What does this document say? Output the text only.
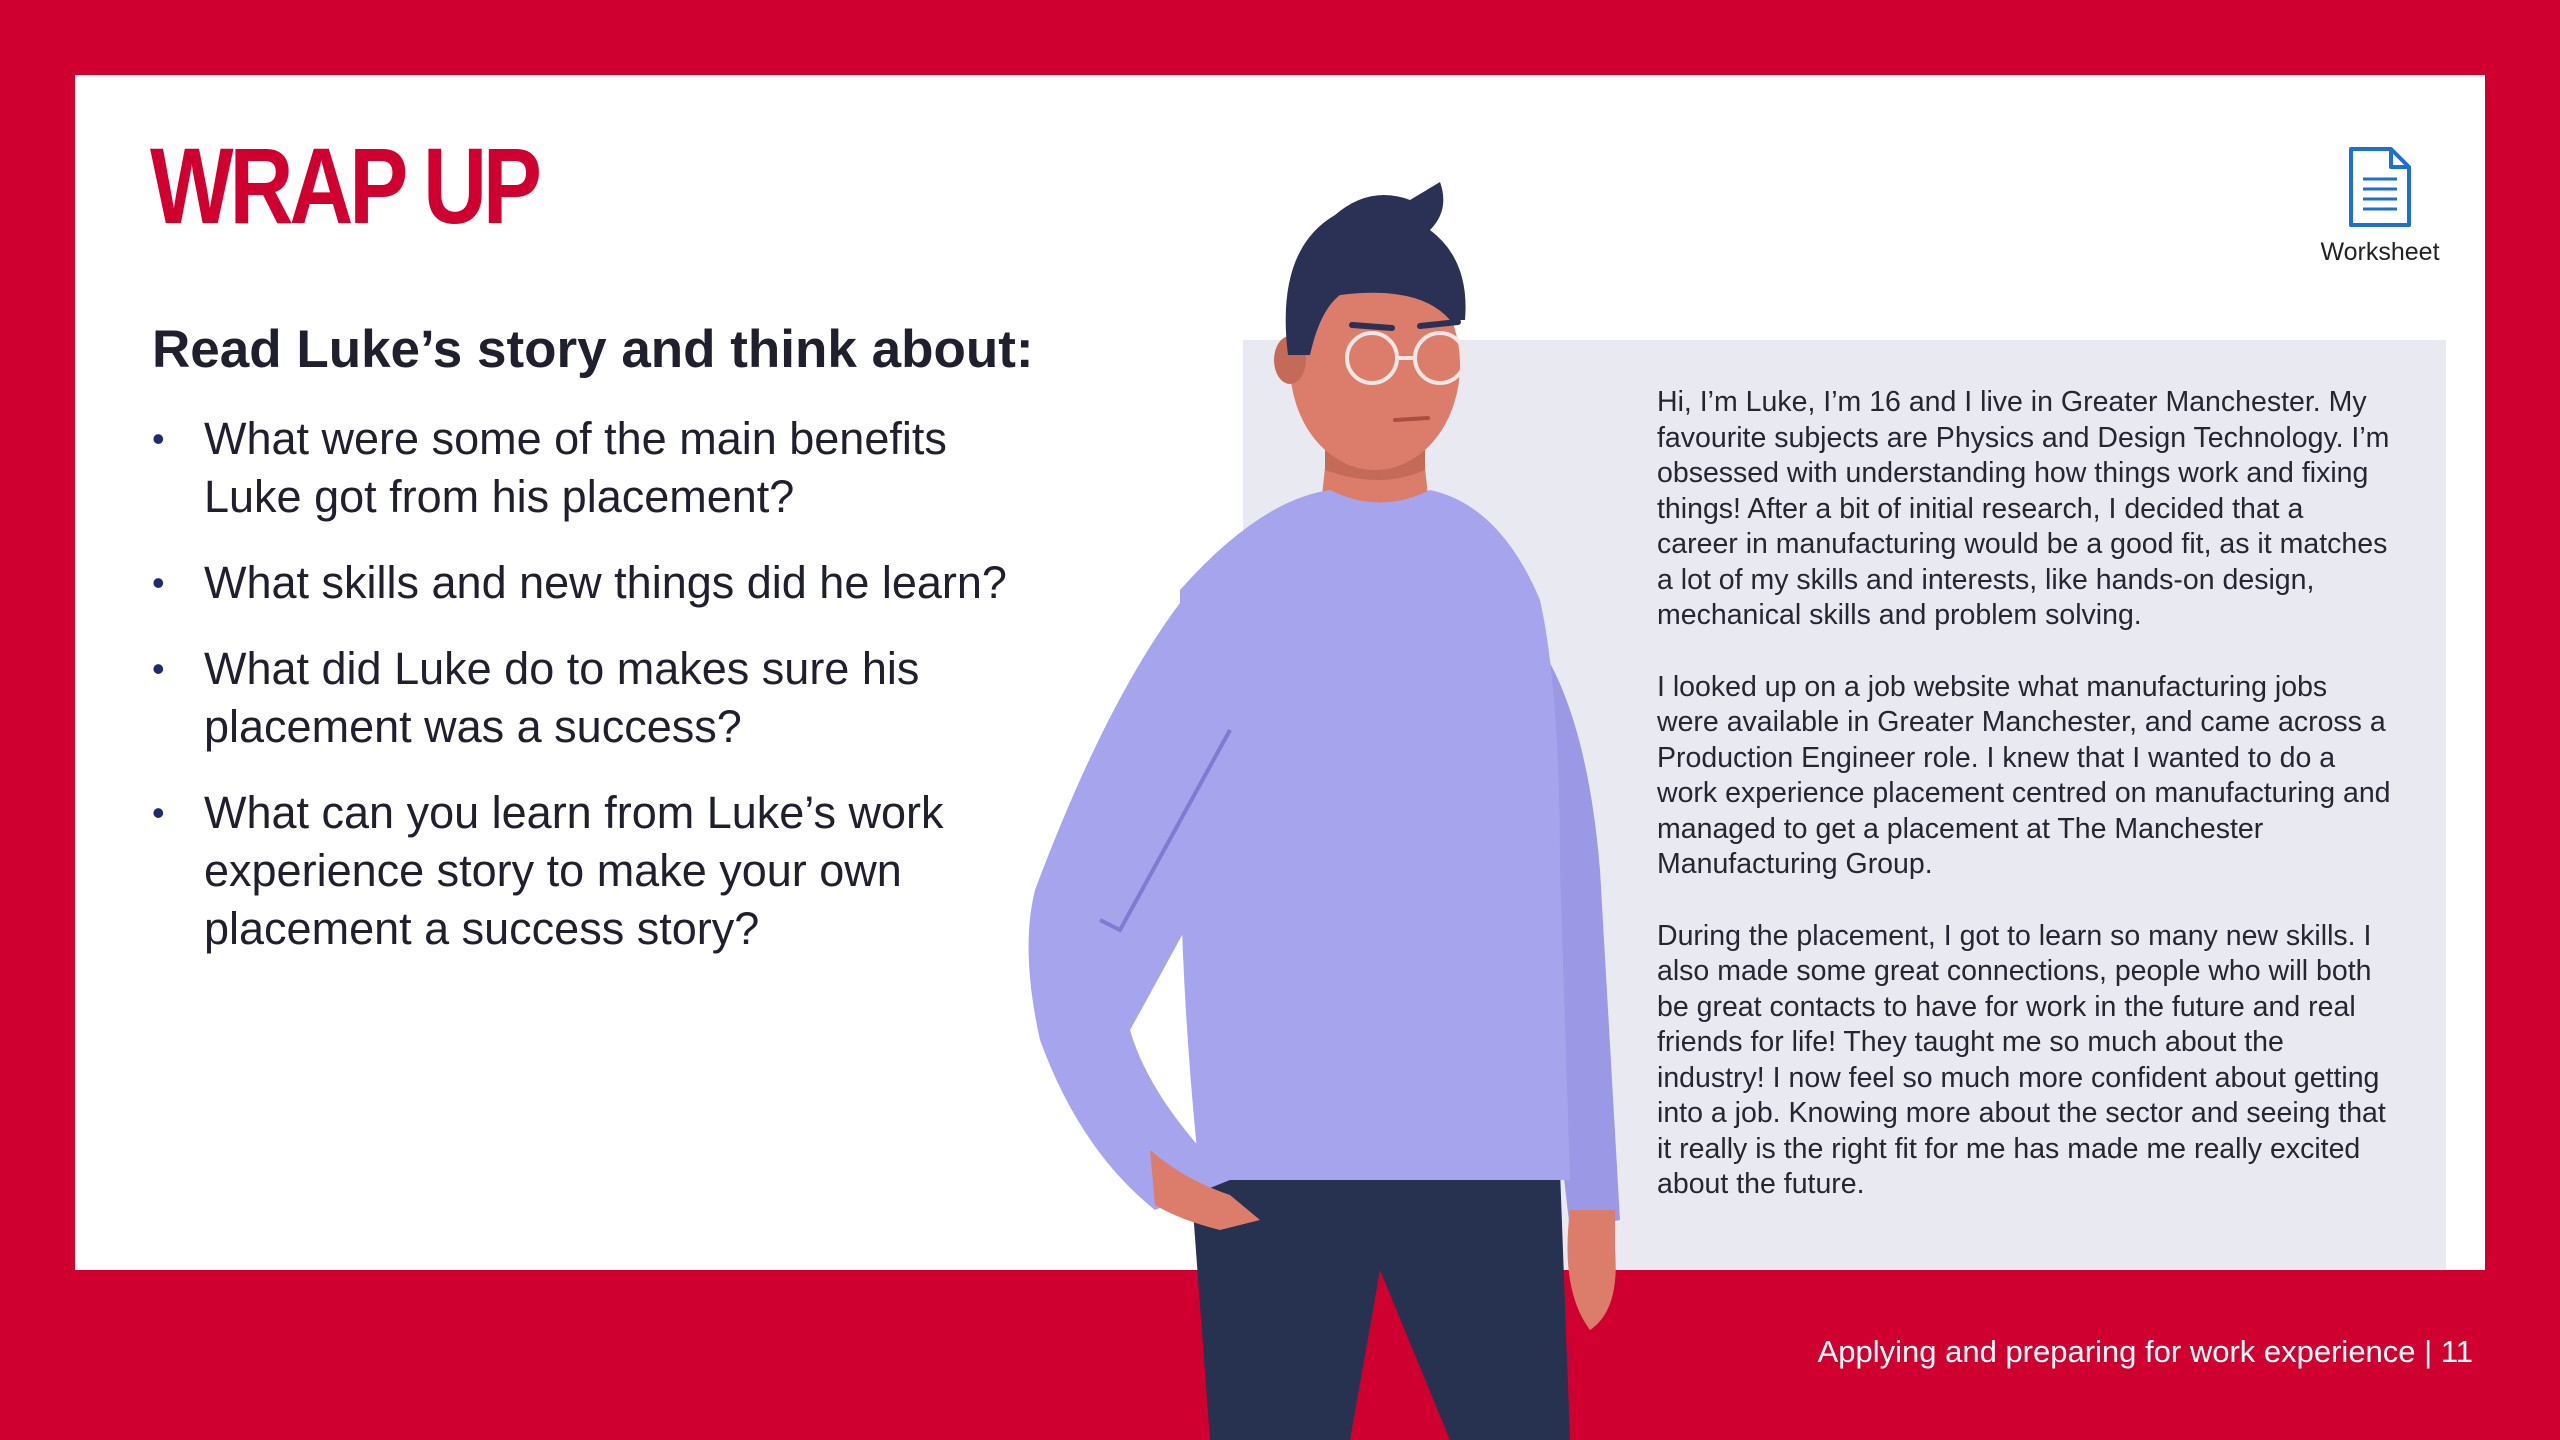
WRAP UP
Read Luke’s story and think about:
• What were some of the main benefits Luke got from his placement?
• What skills and new things did he learn?
• What did Luke do to makes sure his placement was a success?
• What can you learn from Luke’s work experience story to make your own placement a success story?

Hi, I’m Luke, I’m 16 and I live in Greater Manchester. My favourite subjects are Physics and Design Technology. I’m obsessed with understanding how things work and fixing things! After a bit of initial research, I decided that a career in manufacturing would be a good fit, as it matches a lot of my skills and interests, like hands-on design, mechanical skills and problem solving.

I looked up on a job website what manufacturing jobs were available in Greater Manchester, and came across a Production Engineer role. I knew that I wanted to do a work experience placement centred on manufacturing and managed to get a placement at The Manchester Manufacturing Group.

During the placement, I got to learn so many new skills. I also made some great connections, people who will both be great contacts to have for work in the future and real friends for life! They taught me so much about the industry! I now feel so much more confident about getting into a job. Knowing more about the sector and seeing that it really is the right fit for me has made me really excited about the future.

Worksheet
Applying and preparing for work experience | 11
